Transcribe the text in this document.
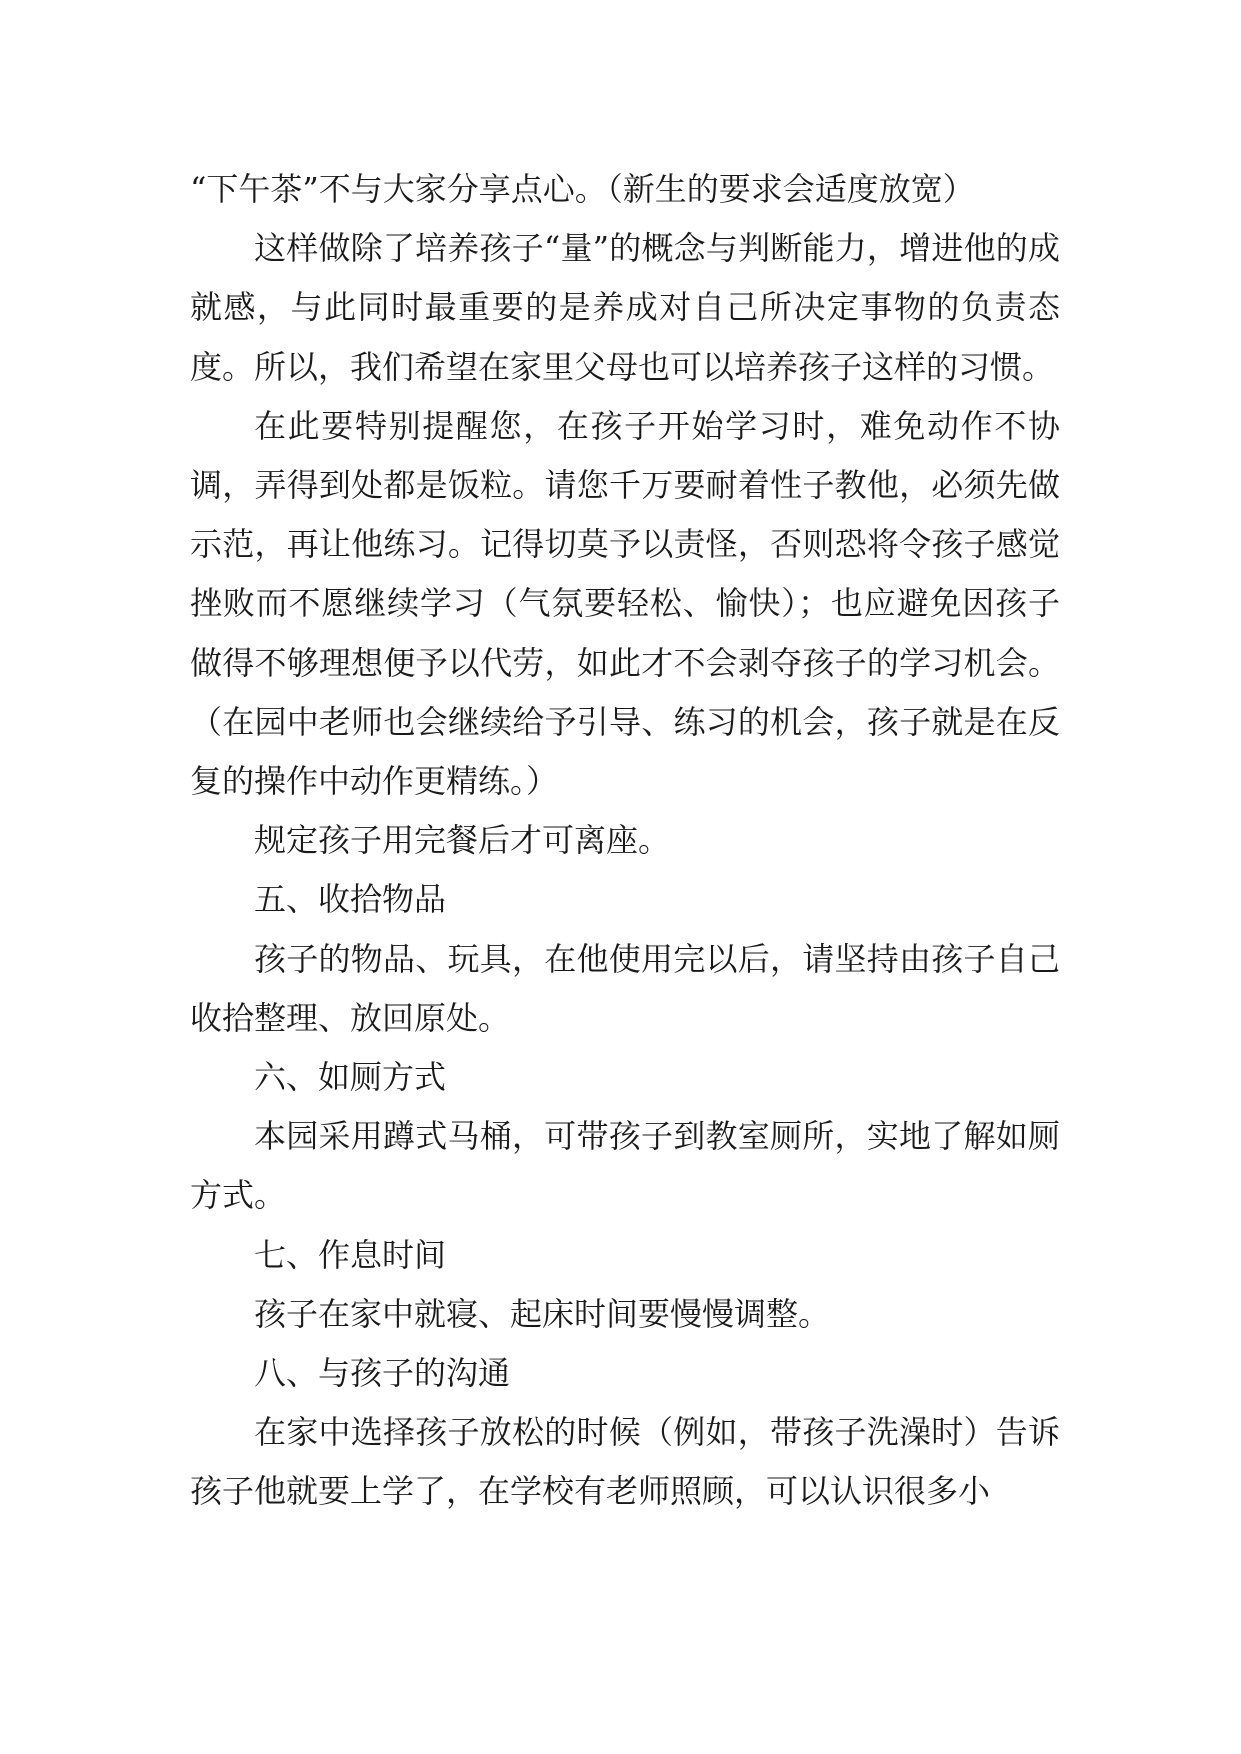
“下午茶”不与大家分享点心。（新生的要求会适度放宽）

这样做除了培养孩子“量”的概念与判断能力，增进他的成就感，与此同时最重要的是养成对自己所决定事物的负责态度。所以，我们希望在家里父母也可以培养孩子这样的习惯。

在此要特别提醒您，在孩子开始学习时，难免动作不协调，弄得到处都是饭粒。请您千万要耐着性子教他，必须先做示范，再让他练习。记得切莫予以责怪，否则恐将令孩子感觉挫败而不愿继续学习（气氛要轻松、愉快）；也应避免因孩子做得不够理想便予以代劳，如此才不会剥夺孩子的学习机会。（在园中老师也会继续给予引导、练习的机会，孩子就是在反复的操作中动作更精练。）

规定孩子用完餐后才可离座。

五、收拾物品

孩子的物品、玩具，在他使用完以后，请坚持由孩子自己收拾整理、放回原处。

六、如厕方式

本园采用蹲式马桶，可带孩子到教室厕所，实地了解如厕方式。

七、作息时间

孩子在家中就寝、起床时间要慢慢调整。

八、与孩子的沟通

在家中选择孩子放松的时候（例如，带孩子洗澡时）告诉孩子他就要上学了，在学校有老师照顾，可以认识很多小
